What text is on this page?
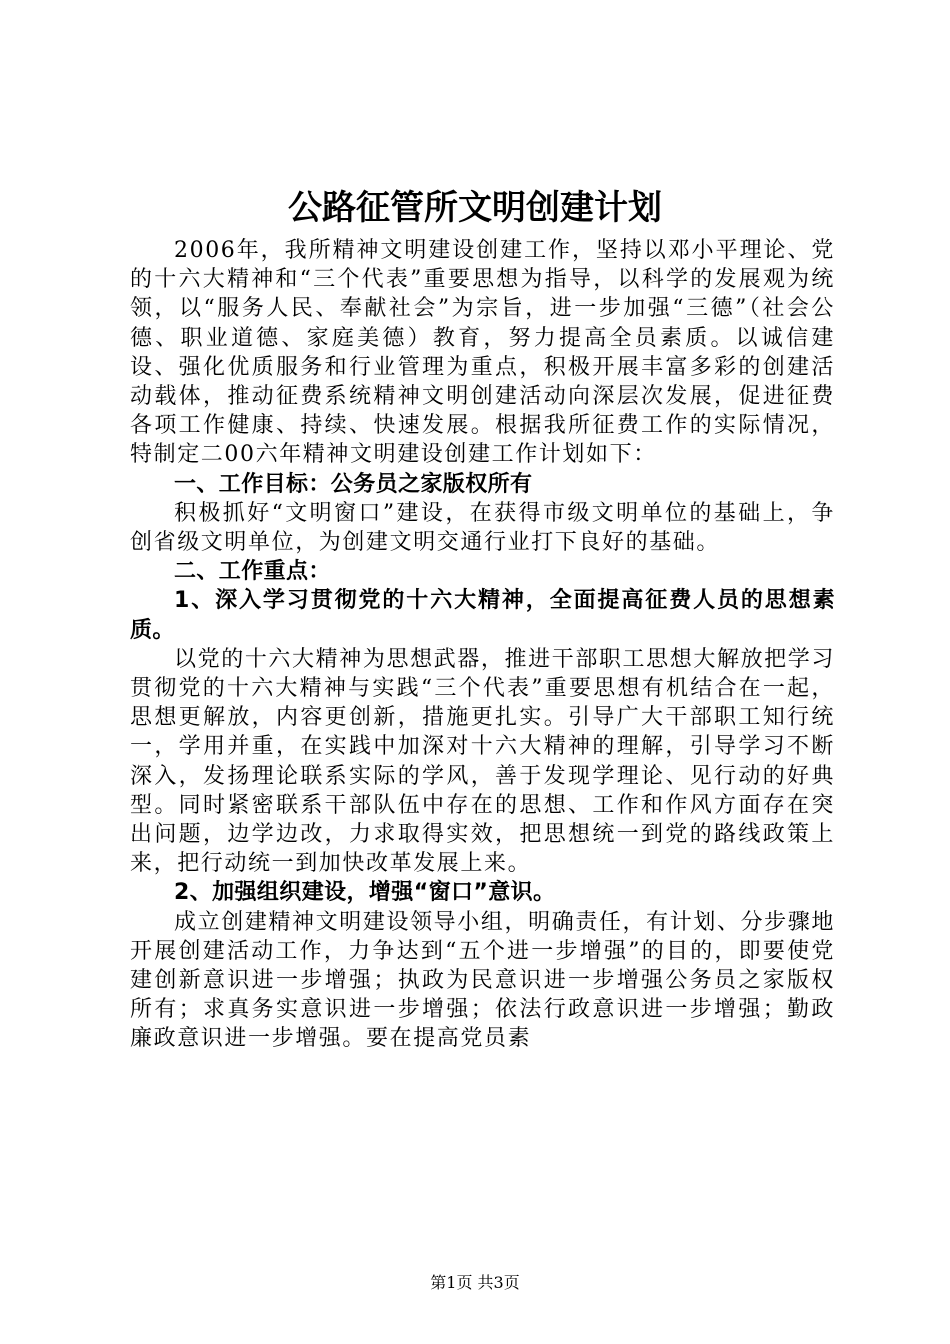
公路征管所文明创建计划

2006年，我所精神文明建设创建工作，坚持以邓小平理论、党的十六大精神和“三个代表”重要思想为指导，以科学的发展观为统领，以“服务人民、奉献社会”为宗旨，进一步加强“三德”（社会公德、职业道德、家庭美德）教育，努力提高全员素质。以诚信建设、强化优质服务和行业管理为重点，积极开展丰富多彩的创建活动载体，推动征费系统精神文明创建活动向深层次发展，促进征费各项工作健康、持续、快速发展。根据我所征费工作的实际情况，特制定二00六年精神文明建设创建工作计划如下：

一、工作目标：公务员之家版权所有

积极抓好“文明窗口”建设，在获得市级文明单位的基础上，争创省级文明单位，为创建文明交通行业打下良好的基础。

二、工作重点：

1、深入学习贯彻党的十六大精神，全面提高征费人员的思想素质。

以党的十六大精神为思想武器，推进干部职工思想大解放把学习贯彻党的十六大精神与实践“三个代表”重要思想有机结合在一起，思想更解放，内容更创新，措施更扎实。引导广大干部职工知行统一，学用并重，在实践中加深对十六大精神的理解，引导学习不断深入，发扬理论联系实际的学风，善于发现学理论、见行动的好典型。同时紧密联系干部队伍中存在的思想、工作和作风方面存在突出问题，边学边改，力求取得实效，把思想统一到党的路线政策上来，把行动统一到加快改革发展上来。

2、加强组织建设，增强“窗口”意识。

成立创建精神文明建设领导小组，明确责任，有计划、分步骤地开展创建活动工作，力争达到“五个进一步增强”的目的，即要使党建创新意识进一步增强；执政为民意识进一步增强公务员之家版权所有；求真务实意识进一步增强；依法行政意识进一步增强；勤政廉政意识进一步增强。要在提高党员素

第1页 共3页
